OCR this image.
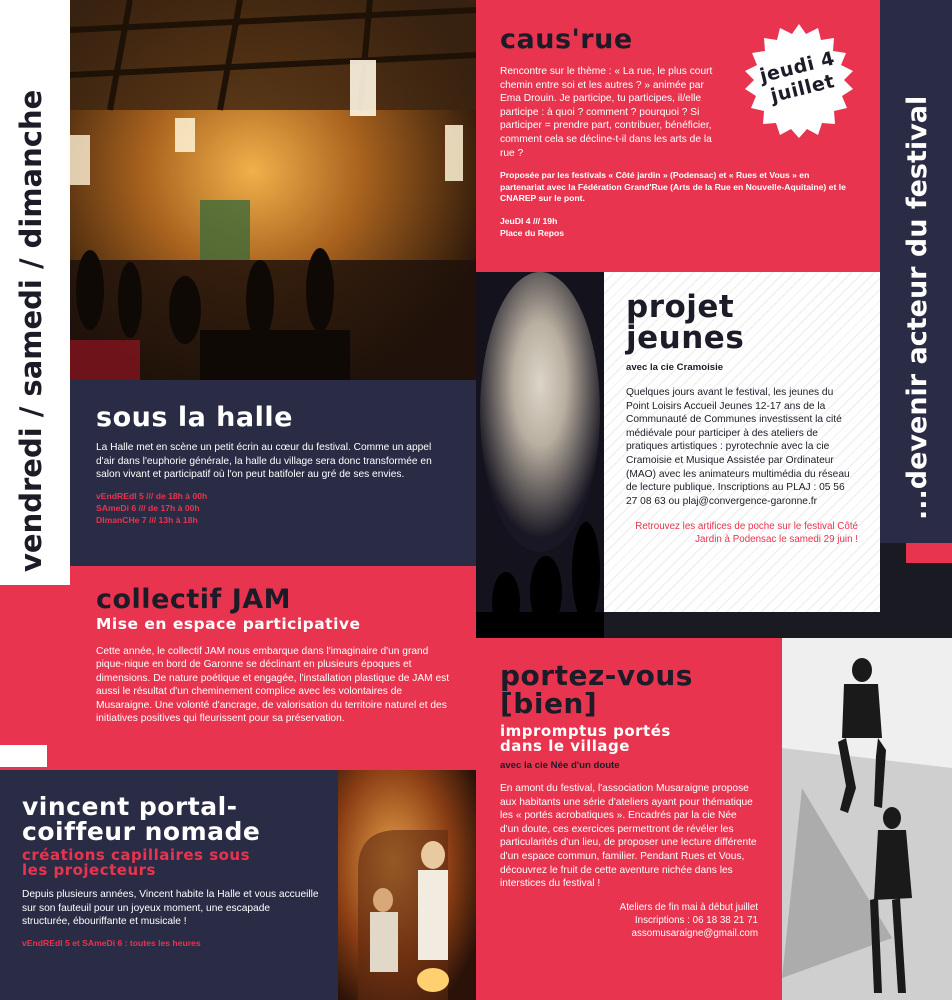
vendredi / samedi / dimanche sous la halle
La Halle met en scène un petit écrin au cœur du festival. Comme un appel d'air dans l'euphorie générale, la halle du village sera donc transformée en salon vivant et participatif où l'on peut batifoler au gré de ses envies.
vEndREdI 5 /// de 18h à 00h
SAmeDi 6 /// de 17h à 00h
DImanCHe 7 /// 13h à 18h
caus'rue
Rencontre sur le thème : « La rue, le plus court chemin entre soi et les autres ? » animée par Ema Drouin. Je participe, tu participes, il/elle participe : à quoi ? comment ? pourquoi ? Si participer = prendre part, contribuer, bénéficier, comment cela se décline-t-il dans les arts de la rue ?
Proposée par les festivals « Côté jardin » (Podensac) et « Rues et Vous » en partenariat avec la Fédération Grand'Rue (Arts de la Rue en Nouvelle-Aquitaine) et le CNAREP sur le pont.
JeuDI 4 /// 19h
Place du Repos
jeudi 4 juillet
...devenir acteur du festival
projet
jeunes
avec la cie Cramoisie
Quelques jours avant le festival, les jeunes du Point Loisirs Accueil Jeunes 12-17 ans de la Communauté de Communes investissent la cité médiévale pour participer à des ateliers de pratiques artistiques : pyrotechnie avec la cie Cramoisie et Musique Assistée par Ordinateur (MAO) avec les animateurs multimédia du réseau de lecture publique. Inscriptions au PLAJ : 05 56 27 08 63 ou plaj@convergence-garonne.fr
Retrouvez les artifices de poche sur le festival Côté Jardin à Podensac le samedi 29 juin !
collectif JAM
Mise en espace participative
Cette année, le collectif JAM nous embarque dans l'imaginaire d'un grand pique-nique en bord de Garonne se déclinant en plusieurs époques et dimensions. De nature poétique et engagée, l'installation plastique de JAM est aussi le résultat d'un cheminement complice avec les volontaires de Musaraigne. Une volonté d'ancrage, de valorisation du territoire naturel et des initiatives positives qui fleurissent pour sa préservation.
vincent portal-
coiffeur nomade
créations capillaires sous
les projecteurs
Depuis plusieurs années, Vincent habite la Halle et vous accueille sur son fauteuil pour un joyeux moment, une escapade structurée, ébouriffante et musicale !
vEndREdI 5 et SAmeDi 6 : toutes les heures
portez-vous
[bien]
impromptus portés
dans le village
avec la cie Née d'un doute
En amont du festival, l'association Musaraigne propose aux habitants une série d'ateliers ayant pour thématique les « portés acrobatiques ». Encadrés par la cie Née d'un doute, ces exercices permettront de révéler les particularités d'un lieu, de proposer une lecture différente d'un espace commun, familier. Pendant Rues et Vous, découvrez le fruit de cette aventure nichée dans les interstices du festival !
Ateliers de fin mai à début juillet
Inscriptions : 06 18 38 21 71
assomusaraigne@gmail.com
